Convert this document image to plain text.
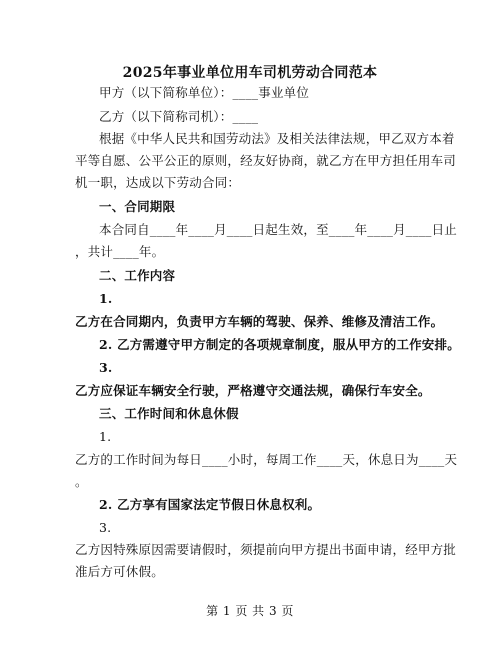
2025年事业单位用车司机劳动合同范本
甲方（以下简称单位）：____事业单位
乙方（以下简称司机）：____
根据《中华人民共和国劳动法》及相关法律法规，甲乙双方本着
平等自愿、公平公正的原则，经友好协商，就乙方在甲方担任用车司
机一职，达成以下劳动合同：
一、合同期限
本合同自____年____月____日起生效，至____年____月____日止
，共计____年。
二、工作内容
1.
乙方在合同期内，负责甲方车辆的驾驶、保养、维修及清洁工作。
2. 乙方需遵守甲方制定的各项规章制度，服从甲方的工作安排。
3.
乙方应保证车辆安全行驶，严格遵守交通法规，确保行车安全。
三、工作时间和休息休假
1.
乙方的工作时间为每日____小时，每周工作____天，休息日为____天
。
2. 乙方享有国家法定节假日休息权利。
3.
乙方因特殊原因需要请假时，须提前向甲方提出书面申请，经甲方批
准后方可休假。
第 1 页 共 3 页
